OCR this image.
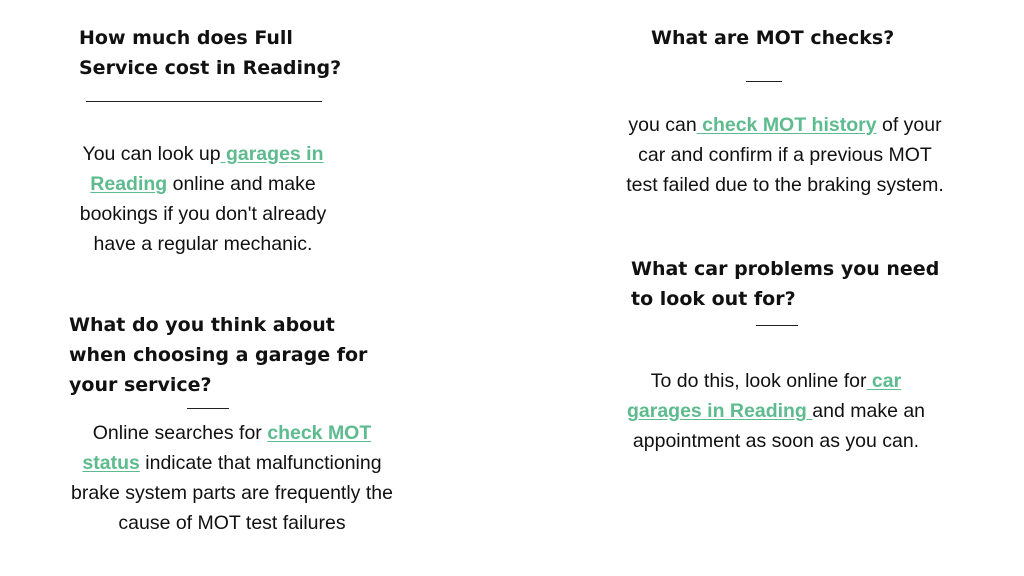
How much does Full Service cost in Reading?

You can look up garages in Reading online and make bookings if you don't already have a regular mechanic.

What do you think about when choosing a garage for your service?

Online searches for check MOT status indicate that malfunctioning brake system parts are frequently the cause of MOT test failures

What are MOT checks?

you can check MOT history of your car and confirm if a previous MOT test failed due to the braking system.

What car problems you need to look out for?

To do this, look online for car garages in Reading and make an appointment as soon as you can.
